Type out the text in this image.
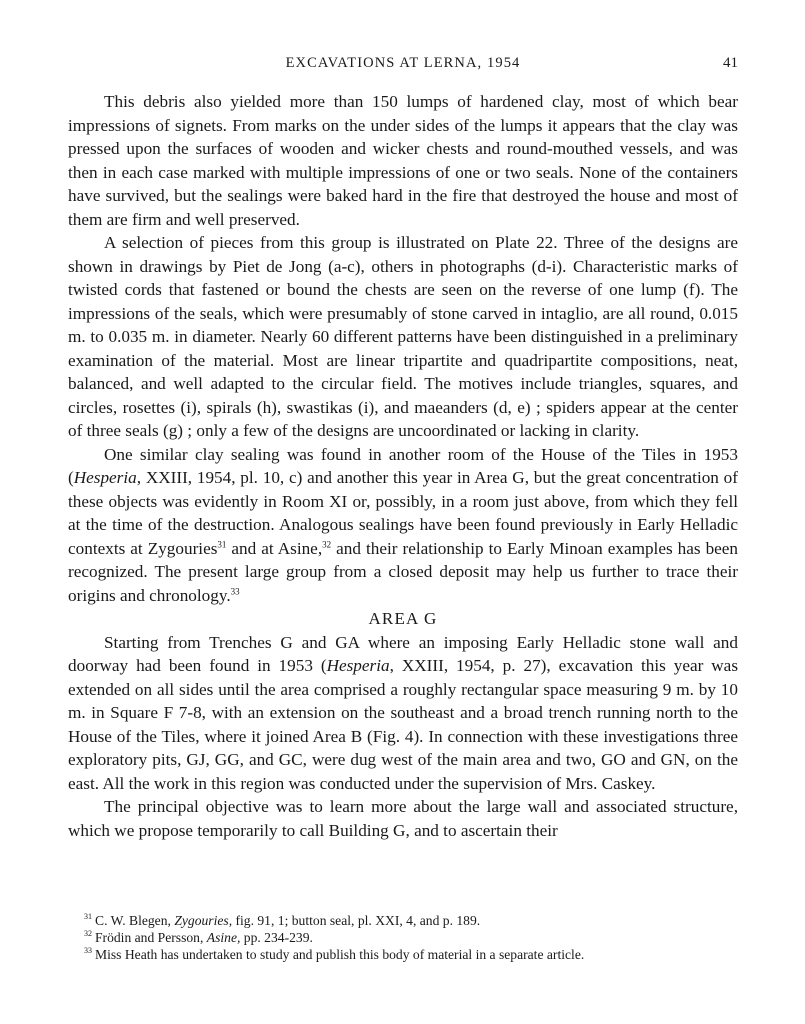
EXCAVATIONS AT LERNA, 1954	41

This debris also yielded more than 150 lumps of hardened clay, most of which bear impressions of signets. From marks on the under sides of the lumps it appears that the clay was pressed upon the surfaces of wooden and wicker chests and round-mouthed vessels, and was then in each case marked with multiple impressions of one or two seals. None of the containers have survived, but the sealings were baked hard in the fire that destroyed the house and most of them are firm and well preserved.

A selection of pieces from this group is illustrated on Plate 22. Three of the designs are shown in drawings by Piet de Jong (a-c), others in photographs (d-i). Characteristic marks of twisted cords that fastened or bound the chests are seen on the reverse of one lump (f). The impressions of the seals, which were presumably of stone carved in intaglio, are all round, 0.015 m. to 0.035 m. in diameter. Nearly 60 different patterns have been distinguished in a preliminary examination of the material. Most are linear tripartite and quadripartite compositions, neat, balanced, and well adapted to the circular field. The motives include triangles, squares, and circles, rosettes (i), spirals (h), swastikas (i), and maeanders (d, e) ; spiders appear at the center of three seals (g) ; only a few of the designs are uncoordinated or lacking in clarity.

One similar clay sealing was found in another room of the House of the Tiles in 1953 (Hesperia, XXIII, 1954, pl. 10, c) and another this year in Area G, but the great concentration of these objects was evidently in Room XI or, possibly, in a room just above, from which they fell at the time of the destruction. Analogous sealings have been found previously in Early Helladic contexts at Zygouries$^{31}$ and at Asine,$^{32}$ and their relationship to Early Minoan examples has been recognized. The present large group from a closed deposit may help us further to trace their origins and chronology.$^{33}$

AREA G

Starting from Trenches G and GA where an imposing Early Helladic stone wall and doorway had been found in 1953 (Hesperia, XXIII, 1954, p. 27), excavation this year was extended on all sides until the area comprised a roughly rectangular space measuring 9 m. by 10 m. in Square F 7-8, with an extension on the southeast and a broad trench running north to the House of the Tiles, where it joined Area B (Fig. 4). In connection with these investigations three exploratory pits, GJ, GG, and GC, were dug west of the main area and two, GO and GN, on the east. All the work in this region was conducted under the supervision of Mrs. Caskey.

The principal objective was to learn more about the large wall and associated structure, which we propose temporarily to call Building G, and to ascertain their

$^{31}$ C. W. Blegen, Zygouries, fig. 91, 1; button seal, pl. XXI, 4, and p. 189.
$^{32}$ Frödin and Persson, Asine, pp. 234-239.
$^{33}$ Miss Heath has undertaken to study and publish this body of material in a separate article.
